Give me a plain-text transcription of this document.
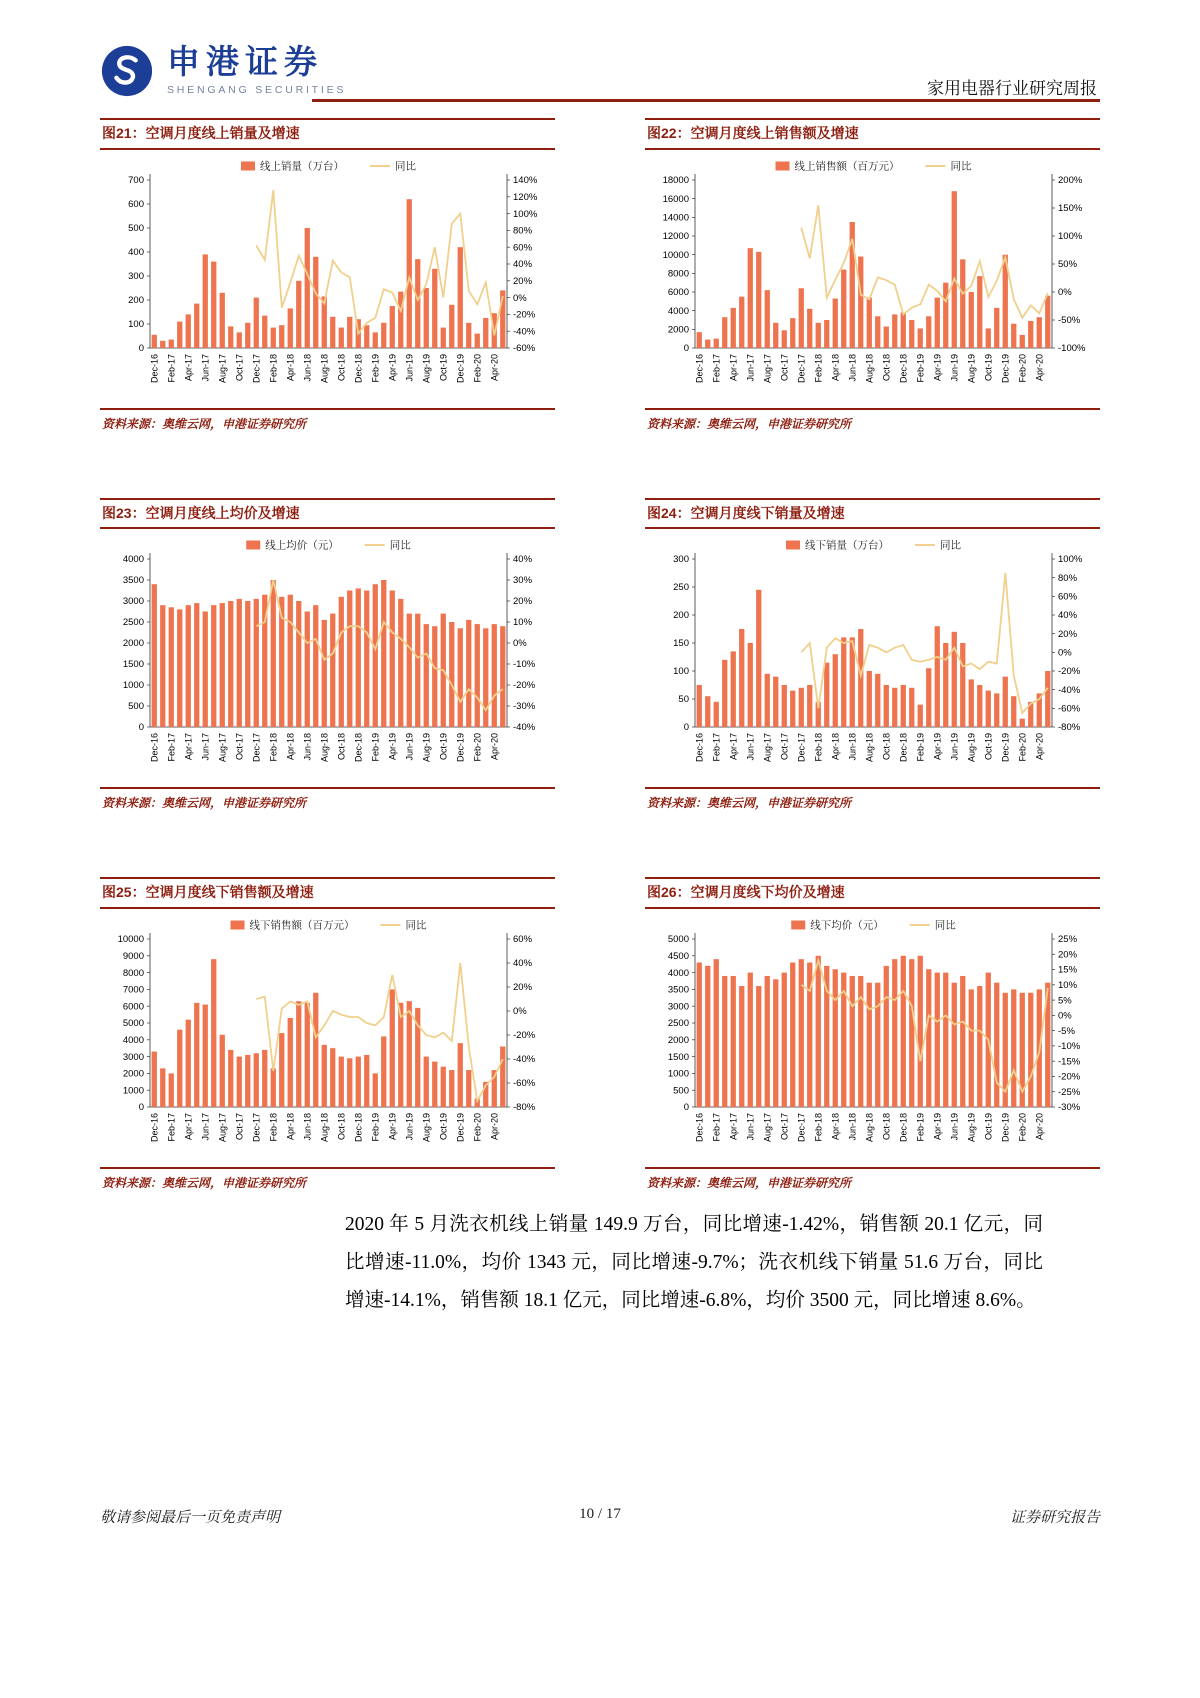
申港证券
SHENGANG SECURITIES	家用电器行业研究周报
图21：空调月度线上销量及增速
0
100
200
300
400
500
600
700
-60%
-40%
-20%
0%
20%
40%
60%
80%
100%
120%
140%
Dec-16 Feb-17 Apr-17 Jun-17 Aug-17 Oct-17 Dec-17 Feb-18 Apr-18 Jun-18 Aug-18 Oct-18 Dec-18 Feb-19 Apr-19 Jun-19 Aug-19 Oct-19 Dec-19 Feb-20 Apr-20
线上销量（万台）	同比
资料来源：奥维云网，申港证券研究所
图22：空调月度线上销售额及增速
0
2000
4000
6000
8000
10000
12000
14000
16000
18000
-100%
-50%
0%
50%
100%
150%
200%
Dec-16 Feb-17 Apr-17 Jun-17 Aug-17 Oct-17 Dec-17 Feb-18 Apr-18 Jun-18 Aug-18 Oct-18 Dec-18 Feb-19 Apr-19 Jun-19 Aug-19 Oct-19 Dec-19 Feb-20 Apr-20
线上销售额（百万元）	同比
资料来源：奥维云网，申港证券研究所
图23：空调月度线上均价及增速
0
500
1000
1500
2000
2500
3000
3500
4000
-40%
-30%
-20%
-10%
0%
10%
20%
30%
40%
Dec-16 Feb-17 Apr-17 Jun-17 Aug-17 Oct-17 Dec-17 Feb-18 Apr-18 Jun-18 Aug-18 Oct-18 Dec-18 Feb-19 Apr-19 Jun-19 Aug-19 Oct-19 Dec-19 Feb-20 Apr-20
线上均价（元）	同比
资料来源：奥维云网，申港证券研究所
图24：空调月度线下销量及增速
0
50
100
150
200
250
300
-80%
-60%
-40%
-20%
0%
20%
40%
60%
80%
100%
Dec-16 Feb-17 Apr-17 Jun-17 Aug-17 Oct-17 Dec-17 Feb-18 Apr-18 Jun-18 Aug-18 Oct-18 Dec-18 Feb-19 Apr-19 Jun-19 Aug-19 Oct-19 Dec-19 Feb-20 Apr-20
线下销量（万台）	同比
资料来源：奥维云网，申港证券研究所
图25：空调月度线下销售额及增速
0
1000
2000
3000
4000
5000
6000
7000
8000
9000
10000
-80%
-60%
-40%
-20%
0%
20%
40%
60%
Dec-16 Feb-17 Apr-17 Jun-17 Aug-17 Oct-17 Dec-17 Feb-18 Apr-18 Jun-18 Aug-18 Oct-18 Dec-18 Feb-19 Apr-19 Jun-19 Aug-19 Oct-19 Dec-19 Feb-20 Apr-20
线下销售额（百万元）	同比
资料来源：奥维云网，申港证券研究所
图26：空调月度线下均价及增速
0
500
1000
1500
2000
2500
3000
3500
4000
4500
5000
-30%
-25%
-20%
-15%
-10%
-5%
0%
5%
10%
15%
20%
25%
Dec-16 Feb-17 Apr-17 Jun-17 Aug-17 Oct-17 Dec-17 Feb-18 Apr-18 Jun-18 Aug-18 Oct-18 Dec-18 Feb-19 Apr-19 Jun-19 Aug-19 Oct-19 Dec-19 Feb-20 Apr-20
线下均价（元）	同比
资料来源：奥维云网，申港证券研究所

2020 年 5 月洗衣机线上销量 149.9 万台，同比增速-1.42%，销售额 20.1 亿元，同比增速-11.0%，均价 1343 元，同比增速-9.7%；洗衣机线下销量 51.6 万台，同比增速-14.1%，销售额 18.1 亿元，同比增速-6.8%，均价 3500 元，同比增速 8.6%。

敬请参阅最后一页免责声明	10 / 17	证券研究报告
